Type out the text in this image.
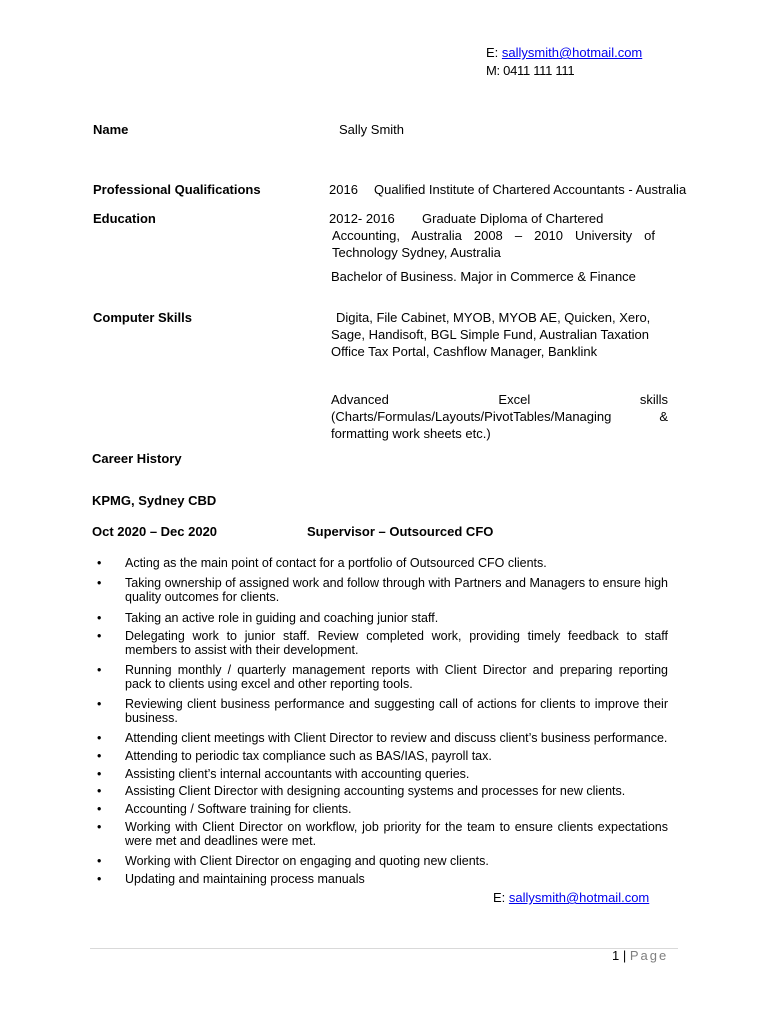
E: sallysmith@hotmail.com
M: 0411 111 111
Name	Sally Smith
Professional Qualifications	2016 Qualified Institute of Chartered Accountants - Australia
Education	2012- 2016 Graduate Diploma of Chartered
Accounting, Australia 2008 – 2010 University of Technology Sydney, Australia
Bachelor of Business. Major in Commerce & Finance
Computer Skills	Digita, File Cabinet, MYOB, MYOB AE, Quicken, Xero, Sage, Handisoft, BGL Simple Fund, Australian Taxation Office Tax Portal, Cashflow Manager, Banklink
Advanced Excel skills (Charts/Formulas/Layouts/PivotTables/Managing & formatting work sheets etc.)
Career History
KPMG, Sydney CBD
Oct 2020 – Dec 2020	Supervisor – Outsourced CFO
• Acting as the main point of contact for a portfolio of Outsourced CFO clients.
• Taking ownership of assigned work and follow through with Partners and Managers to ensure high quality outcomes for clients.
• Taking an active role in guiding and coaching junior staff.
• Delegating work to junior staff. Review completed work, providing timely feedback to staff members to assist with their development.
• Running monthly / quarterly management reports with Client Director and preparing reporting pack to clients using excel and other reporting tools.
• Reviewing client business performance and suggesting call of actions for clients to improve their business.
• Attending client meetings with Client Director to review and discuss client’s business performance.
• Attending to periodic tax compliance such as BAS/IAS, payroll tax.
• Assisting client’s internal accountants with accounting queries.
• Assisting Client Director with designing accounting systems and processes for new clients.
• Accounting / Software training for clients.
• Working with Client Director on workflow, job priority for the team to ensure clients expectations were met and deadlines were met.
• Working with Client Director on engaging and quoting new clients.
• Updating and maintaining process manuals
E: sallysmith@hotmail.com
1 | Page
